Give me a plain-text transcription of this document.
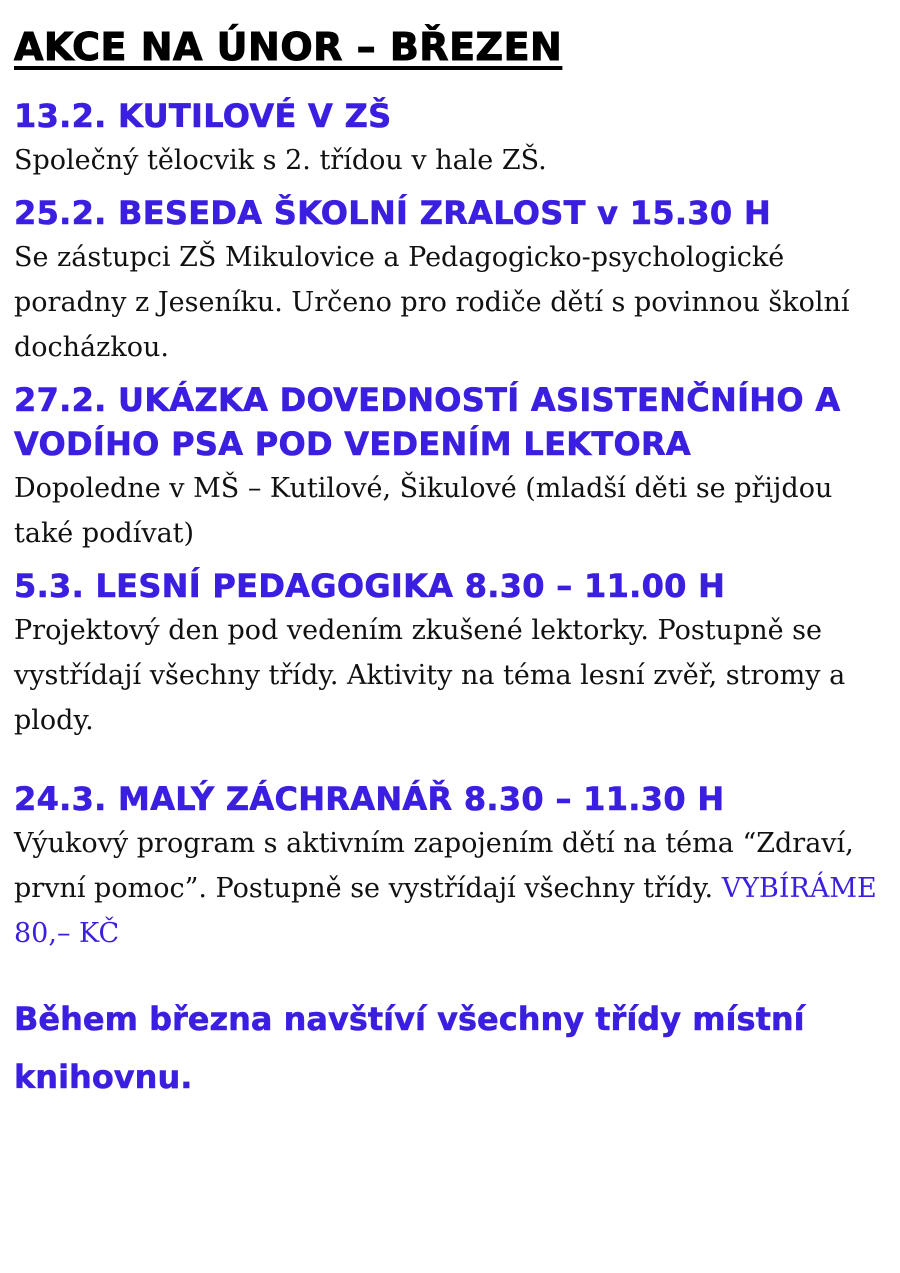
AKCE NA ÚNOR – BŘEZEN
13.2. KUTILOVÉ V ZŠ

Společný tělocvik s 2. třídou v hale ZŠ.

25.2. BESEDA ŠKOLNÍ ZRALOST v 15.30 H

Se zástupci ZŠ Mikulovice a Pedagogicko-psychologické poradny z Jeseníku. Určeno pro rodiče dětí s povinnou školní docházkou.

27.2. UKÁZKA DOVEDNOSTÍ ASISTENČNÍHO A VODÍHO PSA POD VEDENÍM LEKTORA

Dopoledne v MŠ – Kutilové, Šikulové (mladší děti se přijdou také podívat)

5.3. LESNÍ PEDAGOGIKA 8.30 – 11.00 H

Projektový den pod vedením zkušené lektorky. Postupně se vystřídají všechny třídy. Aktivity na téma lesní zvěř, stromy a plody.

24.3. MALÝ ZÁCHRANÁŘ 8.30 – 11.30 H

Výukový program s aktivním zapojením dětí na téma “Zdraví, první pomoc”. Postupně se vystřídají všechny třídy. VYBÍRÁME 80,– KČ

Během března navštíví všechny třídy místní knihovnu.
